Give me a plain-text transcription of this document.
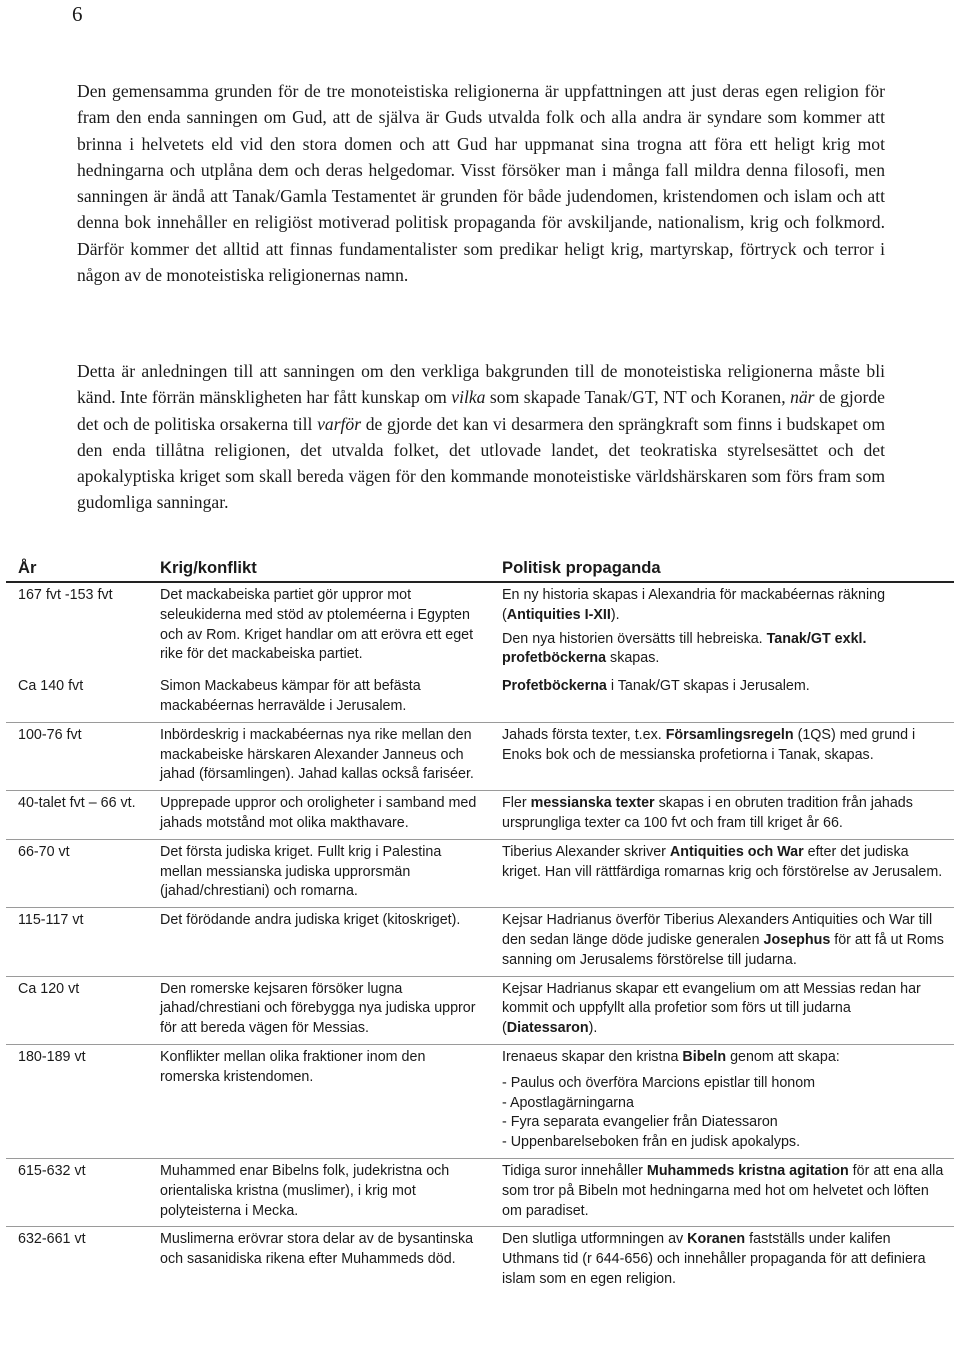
6

Den gemensamma grunden för de tre monoteistiska religionerna är uppfattningen att just deras egen religion för fram den enda sanningen om Gud, att de själva är Guds utvalda folk och alla andra är syndare som kommer att brinna i helvetets eld vid den stora domen och att Gud har uppmanat sina trogna att föra ett heligt krig mot hedningarna och utplåna dem och deras helgedomar. Visst försöker man i många fall mildra denna filosofi, men sanningen är ändå att Tanak/Gamla Testamentet är grunden för både judendomen, kristendomen och islam och att denna bok innehåller en religiöst motiverad politisk propaganda för avskiljande, nationalism, krig och folkmord. Därför kommer det alltid att finnas fundamentalister som predikar heligt krig, martyrskap, förtryck och terror i någon av de monoteistiska religionernas namn.

Detta är anledningen till att sanningen om den verkliga bakgrunden till de monoteistiska religionerna måste bli känd. Inte förrän mänskligheten har fått kunskap om vilka som skapade Tanak/GT, NT och Koranen, när de gjorde det och de politiska orsakerna till varför de gjorde det kan vi desarmera den sprängkraft som finns i budskapet om den enda tillåtna religionen, det utvalda folket, det utlovade landet, det teokratiska styrelsesättet och det apokalyptiska kriget som skall bereda vägen för den kommande monoteistiske världshärskaren som förs fram som gudomliga sanningar.

År	Krig/konflikt	Politisk propaganda
167 fvt -153 fvt	Det mackabeiska partiet gör uppror mot seleukiderna med stöd av ptoleméerna i Egypten och av Rom. Kriget handlar om att erövra ett eget rike för det mackabeiska partiet.	En ny historia skapas i Alexandria för mackabéernas räkning (Antiquities I-XII).

Den nya historien översätts till hebreiska. Tanak/GT exkl. profetböckerna skapas.

Ca 140 fvt	Simon Mackabeus kämpar för att befästa mackabéernas herravälde i Jerusalem.	Profetböckerna i Tanak/GT skapas i Jerusalem.

100-76 fvt	Inbördeskrig i mackabéernas nya rike mellan den mackabeiske härskaren Alexander Janneus och jahad (församlingen). Jahad kallas också fariséer.	Jahads första texter, t.ex. Församlingsregeln (1QS) med grund i Enoks bok och de messianska profetiorna i Tanak, skapas.

40-talet fvt – 66 vt.	Upprepade uppror och oroligheter i samband med jahads motstånd mot olika makthavare.	Fler messianska texter skapas i en obruten tradition från jahads ursprungliga texter ca 100 fvt och fram till kriget år 66.

66-70 vt	Det första judiska kriget. Fullt krig i Palestina mellan messianska judiska upprorsmän (jahad/chrestiani) och romarna.	Tiberius Alexander skriver Antiquities och War efter det judiska kriget. Han vill rättfärdiga romarnas krig och förstörelse av Jerusalem.

115-117 vt	Det förödande andra judiska kriget (kitoskriget).	Kejsar Hadrianus överför Tiberius Alexanders Antiquities och War till den sedan länge döde judiske generalen Josephus för att få ut Roms sanning om Jerusalems förstörelse till judarna.

Ca 120 vt	Den romerske kejsaren försöker lugna jahad/chrestiani och förebygga nya judiska uppror för att bereda vägen för Messias.	Kejsar Hadrianus skapar ett evangelium om att Messias redan har kommit och uppfyllt alla profetior som förs ut till judarna (Diatessaron).

180-189 vt	Konflikter mellan olika fraktioner inom den romerska kristendomen.	Irenaeus skapar den kristna Bibeln genom att skapa:

- Paulus och överföra Marcions epistlar till honom

- Apostlagärningarna

- Fyra separata evangelier från Diatessaron

- Uppenbarelseboken från en judisk apokalyps.

615-632 vt	Muhammed enar Bibelns folk, judekristna och orientaliska kristna (muslimer), i krig mot polyteisterna i Mecka.	Tidiga suror innehåller Muhammeds kristna agitation för att ena alla som tror på Bibeln mot hedningarna med hot om helvetet och löften om paradiset.

632-661 vt	Muslimerna erövrar stora delar av de bysantinska och sasanidiska rikena efter Muhammeds död.	Den slutliga utformningen av Koranen fastställs under kalifen Uthmans tid (r 644-656) och innehåller propaganda för att definiera islam som en egen religion.
